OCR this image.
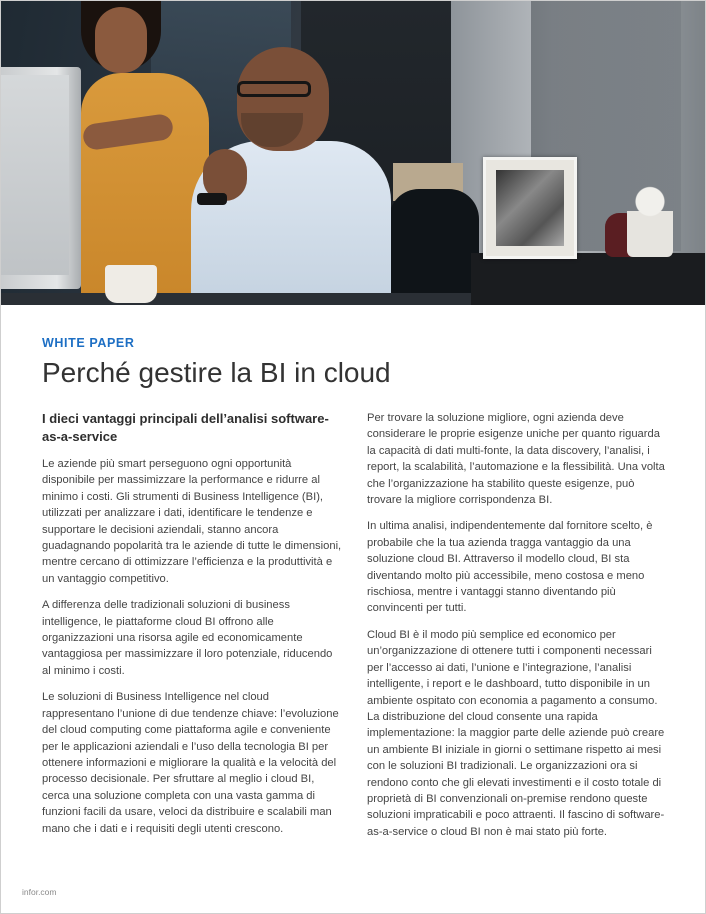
WHITE PAPER
Perché gestire la BI in cloud
I dieci vantaggi principali dell’analisi software-as-a-service

Le aziende più smart perseguono ogni opportunità disponibile per massimizzare la performance e ridurre al minimo i costi. Gli strumenti di Business Intelligence (BI), utilizzati per analizzare i dati, identificare le tendenze e supportare le decisioni aziendali, stanno ancora guadagnando popolarità tra le aziende di tutte le dimensioni, mentre cercano di ottimizzare l’efficienza e la produttività e un vantaggio competitivo.

A differenza delle tradizionali soluzioni di business intelligence, le piattaforme cloud BI offrono alle organizzazioni una risorsa agile ed economicamente vantaggiosa per massimizzare il loro potenziale, riducendo al minimo i costi.

Le soluzioni di Business Intelligence nel cloud rappresentano l’unione di due tendenze chiave: l’evoluzione del cloud computing come piattaforma agile e conveniente per le applicazioni aziendali e l’uso della tecnologia BI per ottenere informazioni e migliorare la qualità e la velocità del processo decisionale. Per sfruttare al meglio i cloud BI, cerca una soluzione completa con una vasta gamma di funzioni facili da usare, veloci da distribuire e scalabili man mano che i dati e i requisiti degli utenti crescono.

Per trovare la soluzione migliore, ogni azienda deve considerare le proprie esigenze uniche per quanto riguarda la capacità di dati multi-fonte, la data discovery, l’analisi, i report, la scalabilità, l’automazione e la flessibilità. Una volta che l’organizzazione ha stabilito queste esigenze, può trovare la migliore corrispondenza BI.

In ultima analisi, indipendentemente dal fornitore scelto, è probabile che la tua azienda tragga vantaggio da una soluzione cloud BI. Attraverso il modello cloud, BI sta diventando molto più accessibile, meno costosa e meno rischiosa, mentre i vantaggi stanno diventando più convincenti per tutti.

Cloud BI è il modo più semplice ed economico per un’organizzazione di ottenere tutti i componenti necessari per l’accesso ai dati, l’unione e l’integrazione, l’analisi intelligente, i report e le dashboard, tutto disponibile in un ambiente ospitato con economia a pagamento a consumo. La distribuzione del cloud consente una rapida implementazione: la maggior parte delle aziende può creare un ambiente BI iniziale in giorni o settimane rispetto ai mesi con le soluzioni BI tradizionali. Le organizzazioni ora si rendono conto che gli elevati investimenti e il costo totale di proprietà di BI convenzionali on-premise rendono queste soluzioni impraticabili e poco attraenti. Il fascino di software-as-a-service o cloud BI non è mai stato più forte.

infor.com
